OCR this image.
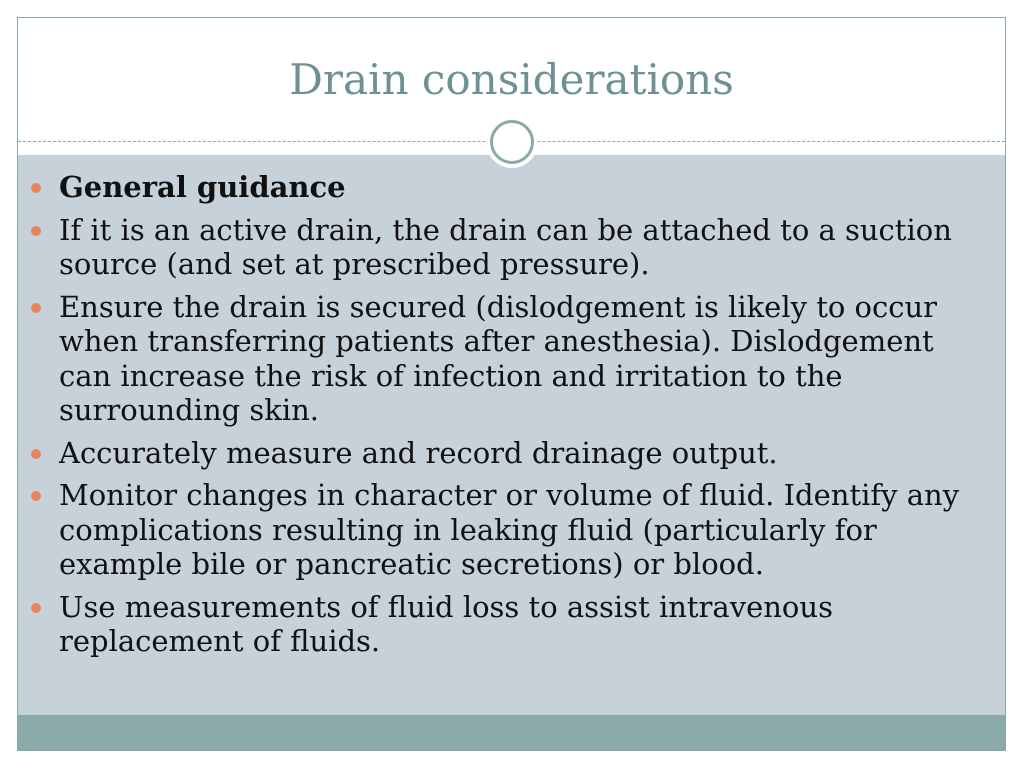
Drain considerations
General guidance
If it is an active drain, the drain can be attached to a suction source (and set at prescribed pressure).
Ensure the drain is secured (dislodgement is likely to occur when transferring patients after anesthesia). Dislodgement can increase the risk of infection and irritation to the surrounding skin.
Accurately measure and record drainage output.
Monitor changes in character or volume of fluid. Identify any complications resulting in leaking fluid (particularly for example bile or pancreatic secretions) or blood.
Use measurements of fluid loss to assist intravenous replacement of fluids.
